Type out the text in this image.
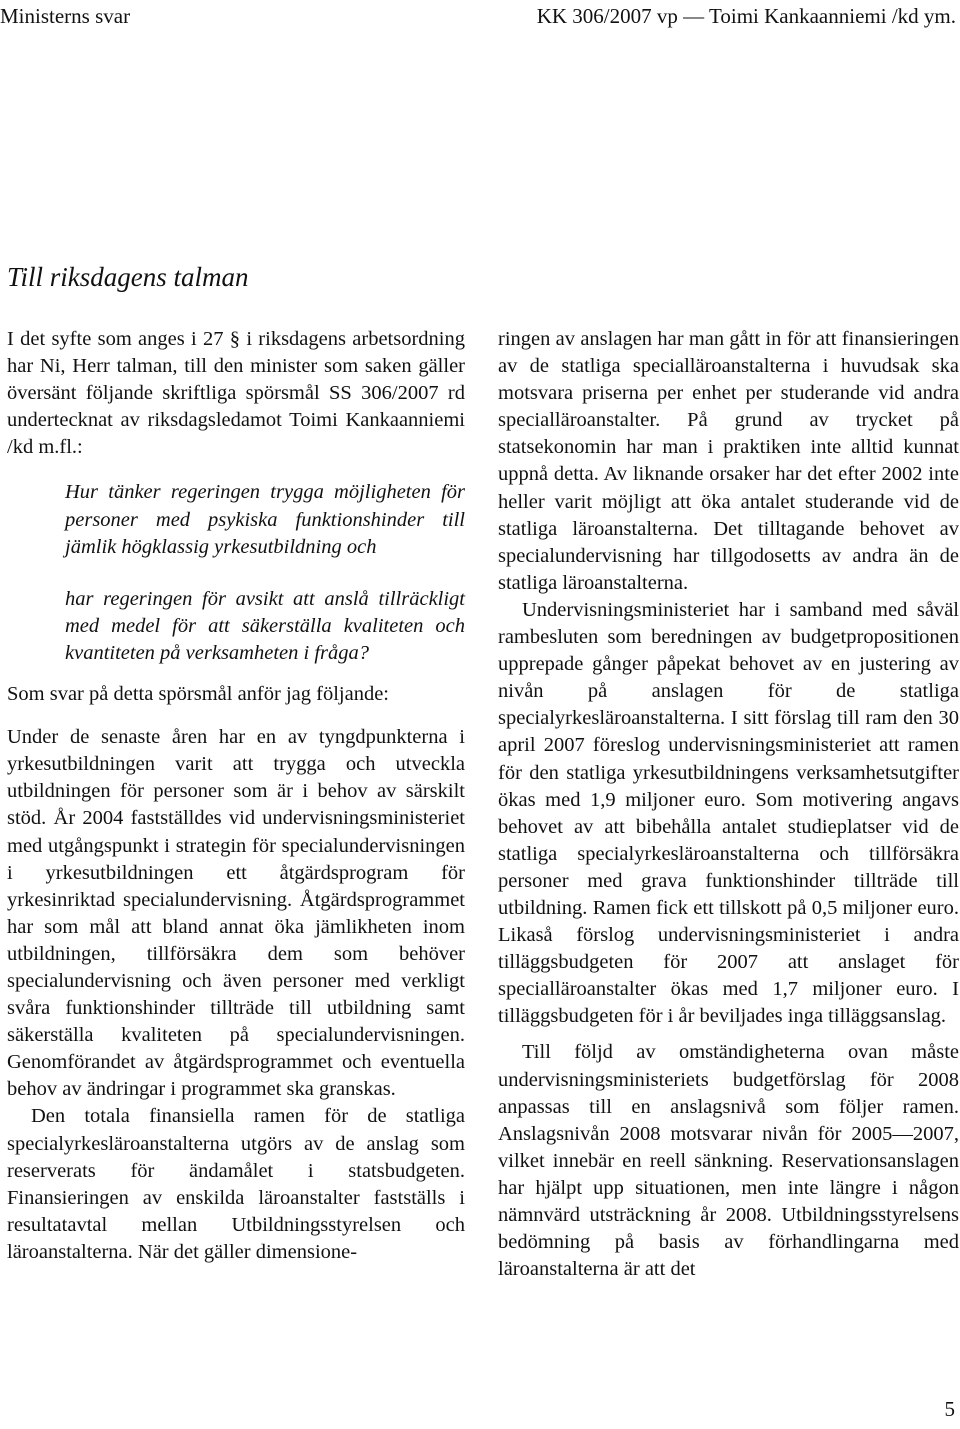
Ministerns svar	KK 306/2007 vp — Toimi Kankaanniemi /kd ym.
Till riksdagens talman

I det syfte som anges i 27 § i riksdagens arbetsordning har Ni, Herr talman, till den minister som saken gäller översänt följande skriftliga spörsmål SS 306/2007 rd undertecknat av riksdagsledamot Toimi Kankaanniemi /kd m.fl.:

Hur tänker regeringen trygga möjligheten för personer med psykiska funktionshinder till jämlik högklassig yrkesutbildning och

har regeringen för avsikt att anslå tillräckligt med medel för att säkerställa kvaliteten och kvantiteten på verksamheten i fråga?

Som svar på detta spörsmål anför jag följande:

Under de senaste åren har en av tyngdpunkterna i yrkesutbildningen varit att trygga och utveckla utbildningen för personer som är i behov av särskilt stöd. År 2004 fastställdes vid undervisningsministeriet med utgångspunkt i strategin för specialundervisningen i yrkesutbildningen ett åtgärdsprogram för yrkesinriktad specialundervisning. Åtgärdsprogrammet har som mål att bland annat öka jämlikheten inom utbildningen, tillförsäkra dem som behöver specialundervisning och även personer med verkligt svåra funktionshinder tillträde till utbildning samt säkerställa kvaliteten på specialundervisningen. Genomförandet av åtgärdsprogrammet och eventuella behov av ändringar i programmet ska granskas.

Den totala finansiella ramen för de statliga specialyrkesläroanstalterna utgörs av de anslag som reserverats för ändamålet i statsbudgeten. Finansieringen av enskilda läroanstalter fastställs i resultatavtal mellan Utbildningsstyrelsen och läroanstalterna. När det gäller dimensione-

ringen av anslagen har man gått in för att finansieringen av de statliga specialläroanstalterna i huvudsak ska motsvara priserna per enhet per studerande vid andra specialläroanstalter. På grund av trycket på statsekonomin har man i praktiken inte alltid kunnat uppnå detta. Av liknande orsaker har det efter 2002 inte heller varit möjligt att öka antalet studerande vid de statliga läroanstalterna. Det tilltagande behovet av specialundervisning har tillgodosetts av andra än de statliga läroanstalterna.

Undervisningsministeriet har i samband med såväl rambesluten som beredningen av budgetpropositionen upprepade gånger påpekat behovet av en justering av nivån på anslagen för de statliga specialyrkesläroanstalterna. I sitt förslag till ram den 30 april 2007 föreslog undervisningsministeriet att ramen för den statliga yrkesutbildningens verksamhetsutgifter ökas med 1,9 miljoner euro. Som motivering angavs behovet av att bibehålla antalet studieplatser vid de statliga specialyrkesläroanstalterna och tillförsäkra personer med grava funktionshinder tillträde till utbildning. Ramen fick ett tillskott på 0,5 miljoner euro. Likaså förslog undervisningsministeriet i andra tilläggsbudgeten för 2007 att anslaget för specialläroanstalter ökas med 1,7 miljoner euro. I tilläggsbudgeten för i år beviljades inga tilläggsanslag.

Till följd av omständigheterna ovan måste undervisningsministeriets budgetförslag för 2008 anpassas till en anslagsnivå som följer ramen. Anslagsnivån 2008 motsvarar nivån för 2005—2007, vilket innebär en reell sänkning. Reservationsanslagen har hjälpt upp situationen, men inte längre i någon nämnvärd utsträckning år 2008. Utbildningsstyrelsens bedömning på basis av förhandlingarna med läroanstalterna är att det

5
